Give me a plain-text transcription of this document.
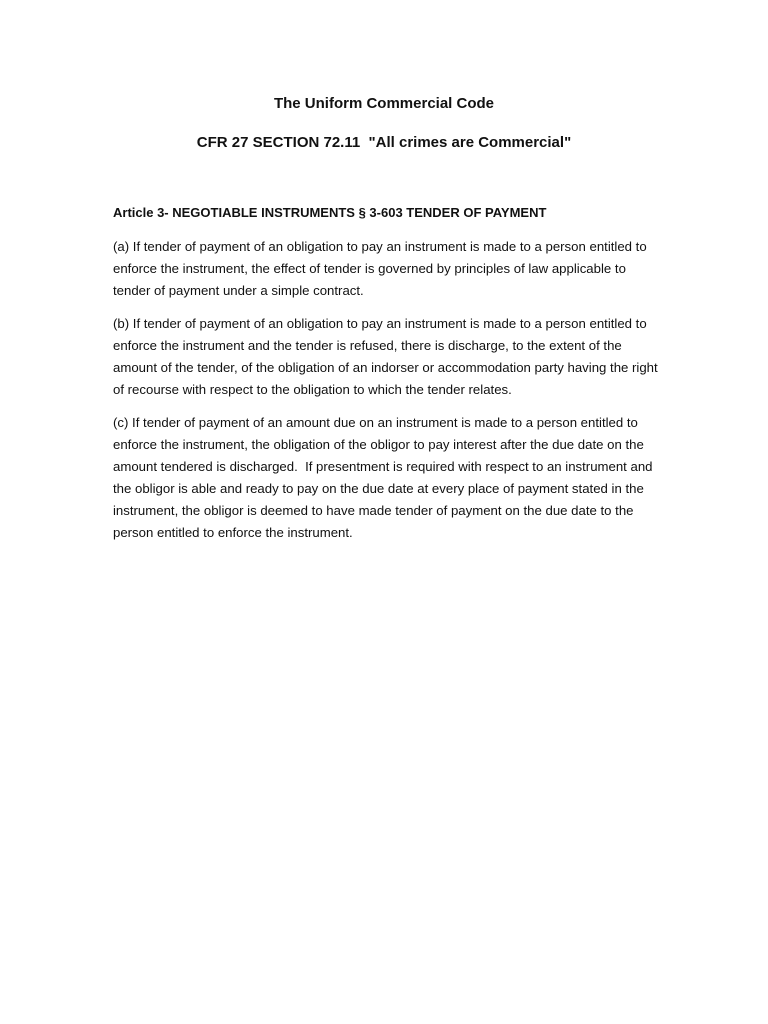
The Uniform Commercial Code
CFR 27 SECTION 72.11  "All crimes are Commercial"

Article 3- NEGOTIABLE INSTRUMENTS § 3-603 TENDER OF PAYMENT

(a) If tender of payment of an obligation to pay an instrument is made to a person entitled to enforce the instrument, the effect of tender is governed by principles of law applicable to tender of payment under a simple contract.

(b) If tender of payment of an obligation to pay an instrument is made to a person entitled to enforce the instrument and the tender is refused, there is discharge, to the extent of the amount of the tender, of the obligation of an indorser or accommodation party having the right of recourse with respect to the obligation to which the tender relates.

(c) If tender of payment of an amount due on an instrument is made to a person entitled to enforce the instrument, the obligation of the obligor to pay interest after the due date on the amount tendered is discharged.  If presentment is required with respect to an instrument and the obligor is able and ready to pay on the due date at every place of payment stated in the instrument, the obligor is deemed to have made tender of payment on the due date to the person entitled to enforce the instrument.
